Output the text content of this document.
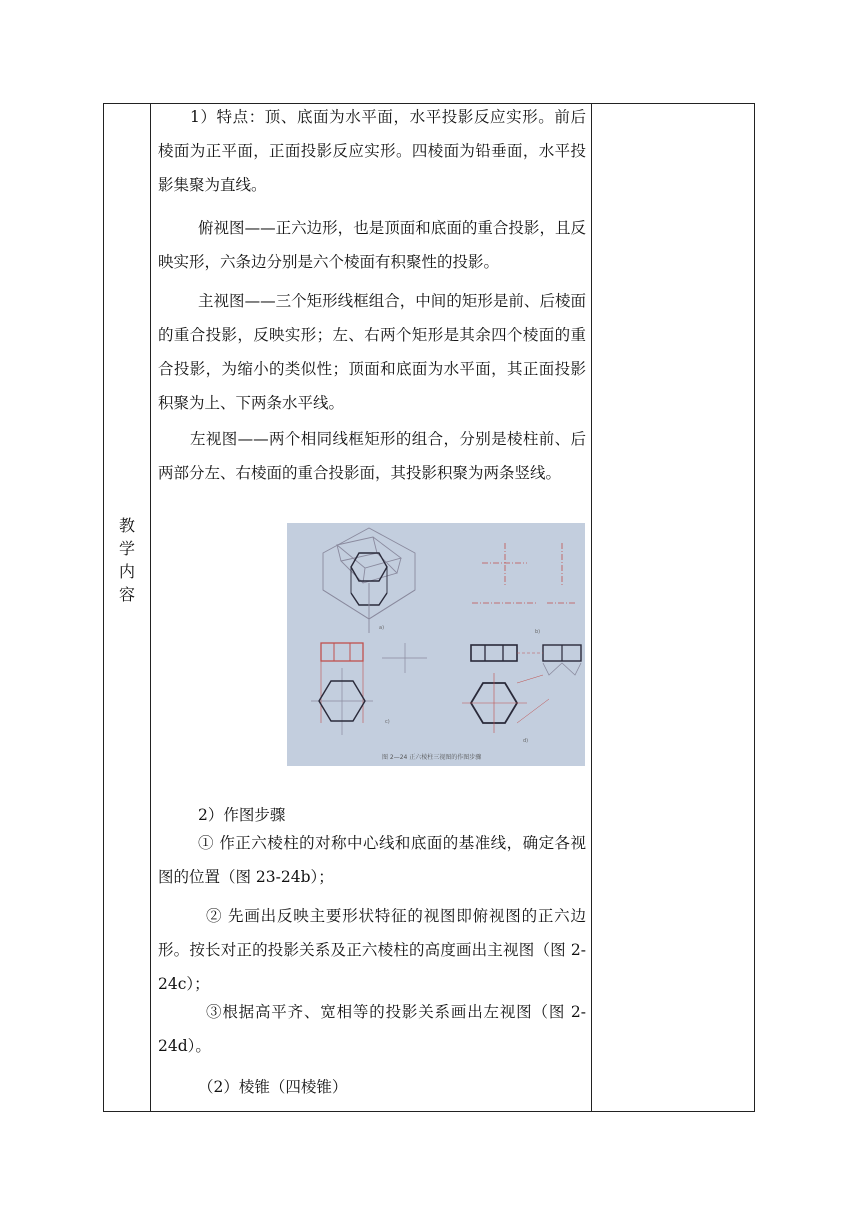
教
学
内
容

1）特点：顶、底面为水平面，水平投影反应实形。前后棱面为正平面，正面投影反应实形。四棱面为铅垂面，水平投影集聚为直线。

俯视图——正六边形，也是顶面和底面的重合投影，且反映实形，六条边分别是六个棱面有积聚性的投影。

主视图——三个矩形线框组合，中间的矩形是前、后棱面的重合投影，反映实形；左、右两个矩形是其余四个棱面的重合投影，为缩小的类似性；顶面和底面为水平面，其正面投影积聚为上、下两条水平线。

左视图——两个相同线框矩形的组合，分别是棱柱前、后两部分左、右棱面的重合投影面，其投影积聚为两条竖线。

a)
b)
c)
d)
图 2—24 正六棱柱三视图的作图步骤

2）作图步骤

① 作正六棱柱的对称中心线和底面的基准线，确定各视图的位置（图 23-24b）；

② 先画出反映主要形状特征的视图即俯视图的正六边形。按长对正的投影关系及正六棱柱的高度画出主视图（图 2-24c）；

③根据高平齐、宽相等的投影关系画出左视图（图 2-24d）。

（2）棱锥（四棱锥）
